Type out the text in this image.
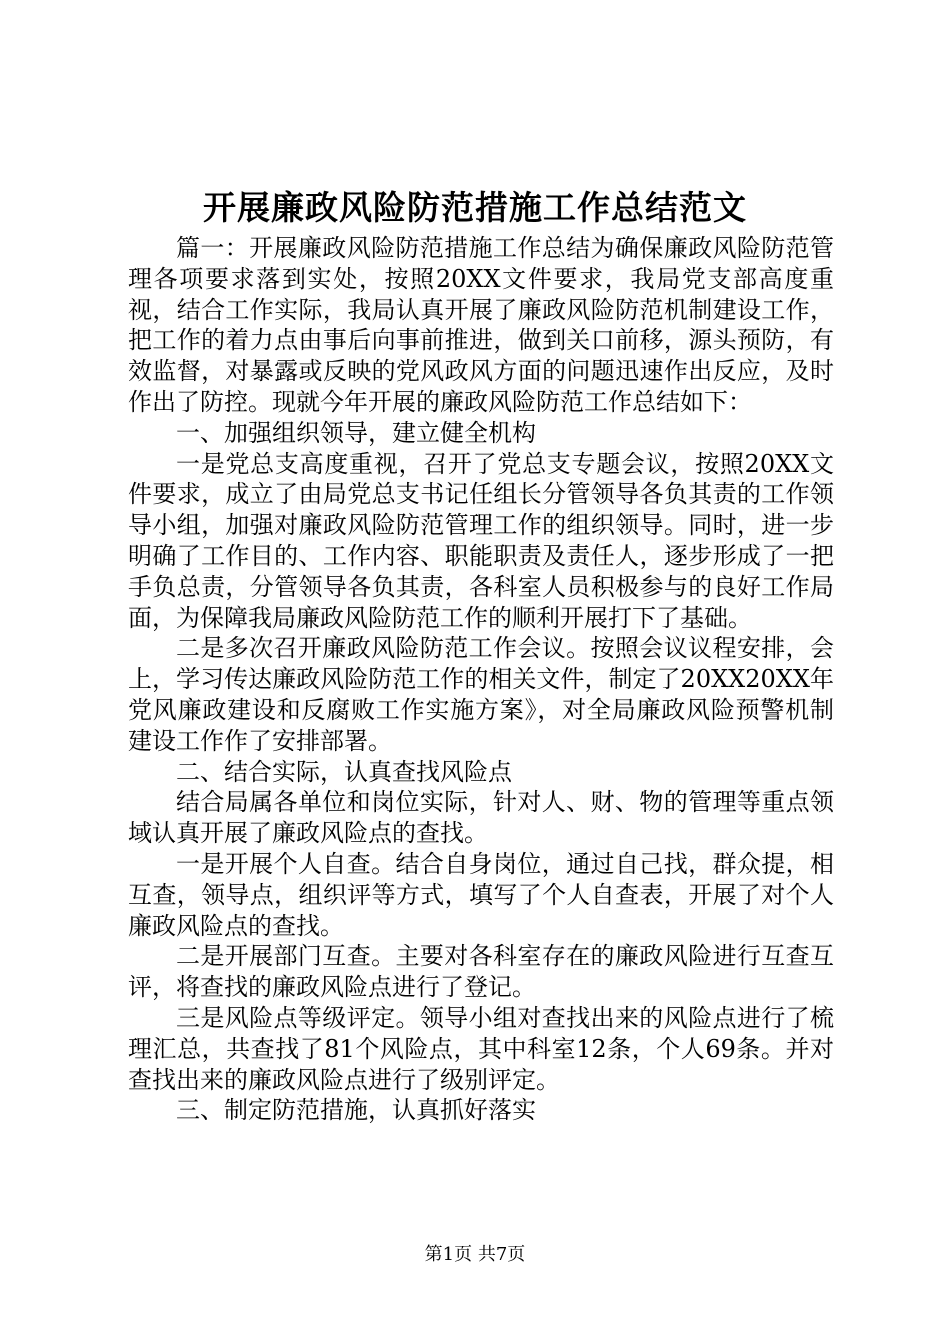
开展廉政风险防范措施工作总结范文

篇一：开展廉政风险防范措施工作总结为确保廉政风险防范管理各项要求落到实处，按照20XX文件要求，我局党支部高度重视，结合工作实际，我局认真开展了廉政风险防范机制建设工作，把工作的着力点由事后向事前推进，做到关口前移，源头预防，有效监督，对暴露或反映的党风政风方面的问题迅速作出反应，及时作出了防控。现就今年开展的廉政风险防范工作总结如下：

一、加强组织领导，建立健全机构

一是党总支高度重视，召开了党总支专题会议，按照20XX文件要求，成立了由局党总支书记任组长分管领导各负其责的工作领导小组，加强对廉政风险防范管理工作的组织领导。同时，进一步明确了工作目的、工作内容、职能职责及责任人，逐步形成了一把手负总责，分管领导各负其责，各科室人员积极参与的良好工作局面，为保障我局廉政风险防范工作的顺利开展打下了基础。

二是多次召开廉政风险防范工作会议。按照会议议程安排，会上，学习传达廉政风险防范工作的相关文件，制定了20XX20XX年党风廉政建设和反腐败工作实施方案》，对全局廉政风险预警机制建设工作作了安排部署。

二、结合实际，认真查找风险点

结合局属各单位和岗位实际，针对人、财、物的管理等重点领域认真开展了廉政风险点的查找。

一是开展个人自查。结合自身岗位，通过自己找，群众提，相互查，领导点，组织评等方式，填写了个人自查表，开展了对个人廉政风险点的查找。

二是开展部门互查。主要对各科室存在的廉政风险进行互查互评，将查找的廉政风险点进行了登记。

三是风险点等级评定。领导小组对查找出来的风险点进行了梳理汇总，共查找了81个风险点，其中科室12条，个人69条。并对查找出来的廉政风险点进行了级别评定。

三、制定防范措施，认真抓好落实

第1页 共7页
